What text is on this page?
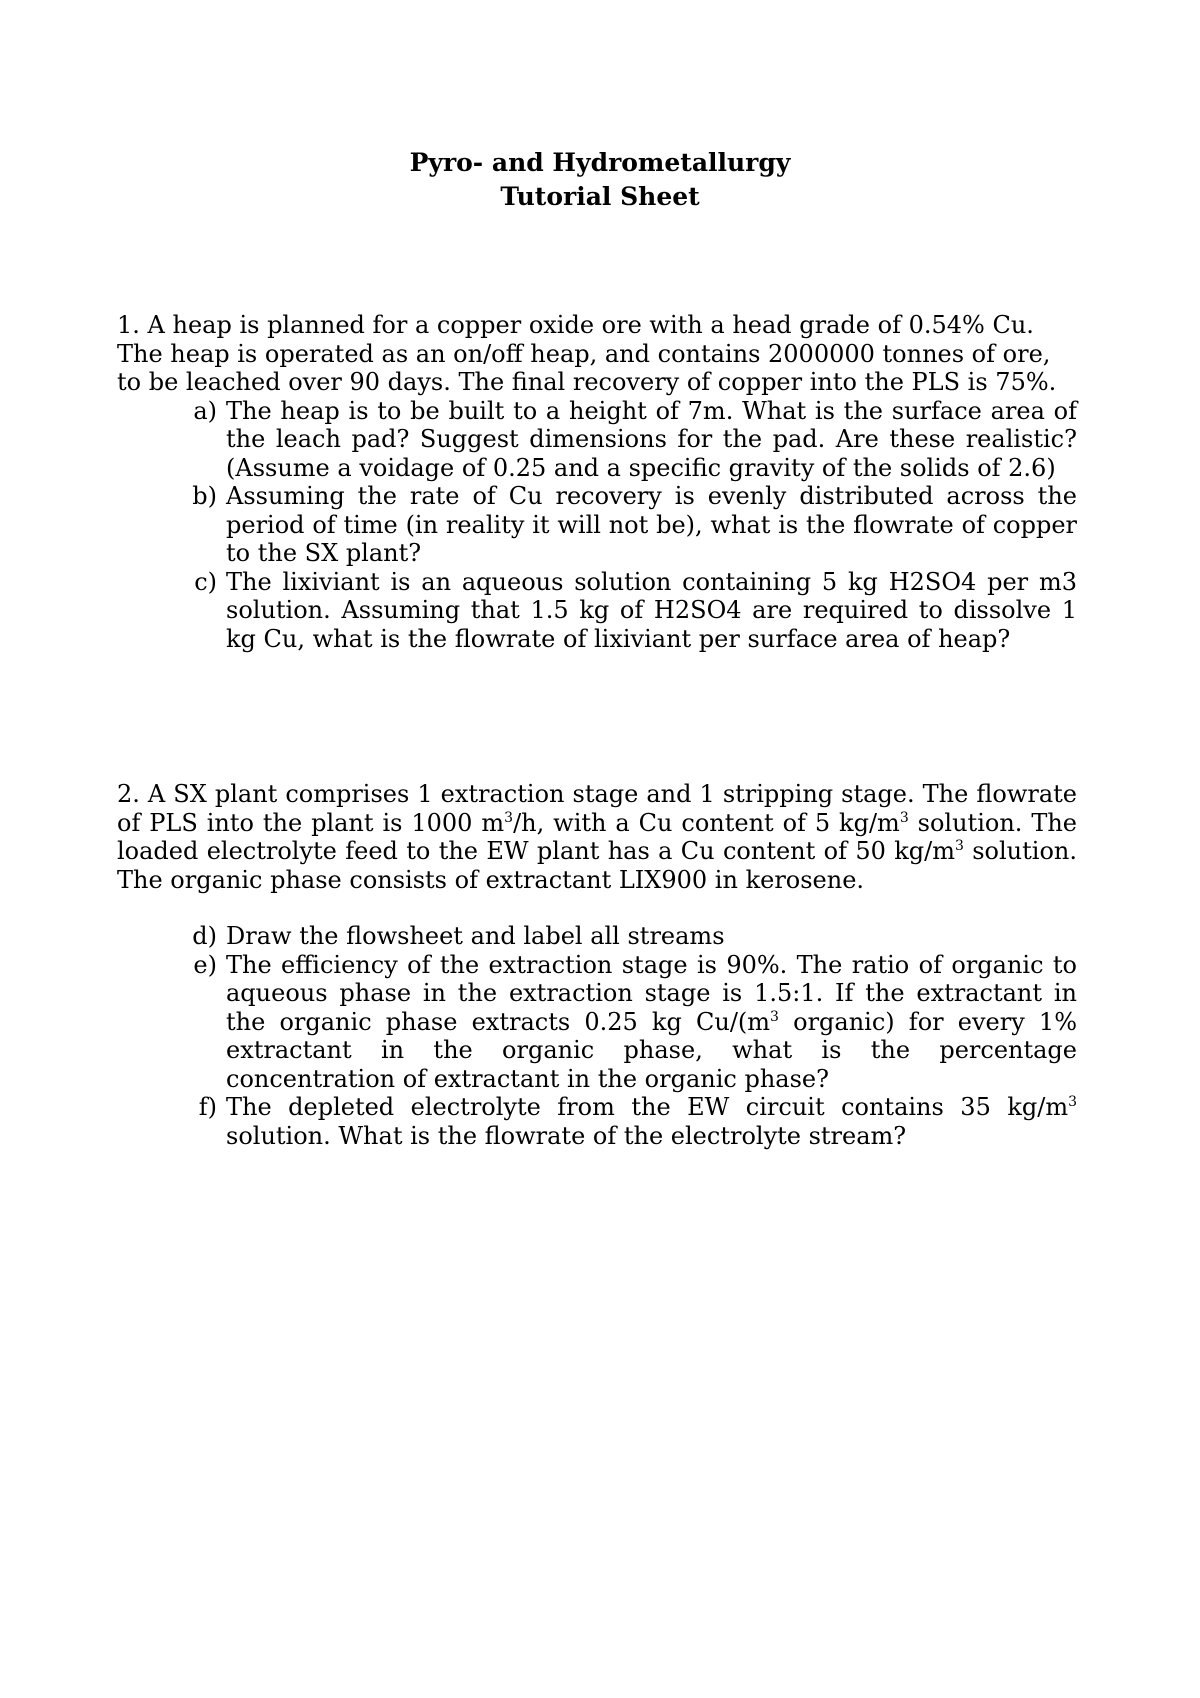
Pyro- and Hydrometallurgy
Tutorial Sheet
1. A heap is planned for a copper oxide ore with a head grade of 0.54% Cu. The heap is operated as an on/off heap, and contains 2000000 tonnes of ore, to be leached over 90 days. The final recovery of copper into the PLS is 75%.
a) The heap is to be built to a height of 7m. What is the surface area of the leach pad? Suggest dimensions for the pad. Are these realistic? (Assume a voidage of 0.25 and a specific gravity of the solids of 2.6)
b) Assuming the rate of Cu recovery is evenly distributed across the period of time (in reality it will not be), what is the flowrate of copper to the SX plant?
c) The lixiviant is an aqueous solution containing 5 kg H2SO4 per m3 solution. Assuming that 1.5 kg of H2SO4 are required to dissolve 1 kg Cu, what is the flowrate of lixiviant per surface area of heap?
2. A SX plant comprises 1 extraction stage and 1 stripping stage. The flowrate of PLS into the plant is 1000 $m^3/h$, with a Cu content of 5 $kg/m^3$ solution. The loaded electrolyte feed to the EW plant has a Cu content of 50 $kg/m^3$ solution. The organic phase consists of extractant LIX900 in kerosene.
d) Draw the flowsheet and label all streams
e) The efficiency of the extraction stage is 90%. The ratio of organic to aqueous phase in the extraction stage is 1.5:1. If the extractant in the organic phase extracts 0.25 kg $Cu/(m^3$ organic) for every 1% extractant in the organic phase, what is the percentage concentration of extractant in the organic phase?
f) The depleted electrolyte from the EW circuit contains 35 $kg/m^3$ solution. What is the flowrate of the electrolyte stream?
